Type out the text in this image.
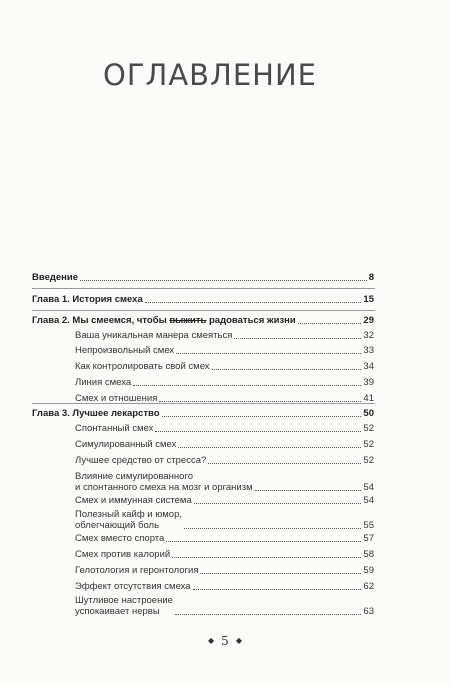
ОГЛАВЛЕНИЕ
Введение	8
Глава 1. История смеха	15
Глава 2. Мы смеемся, чтобы выжить радоваться жизни	29
Ваша уникальная манера смеяться	32
Непроизвольный смех	33
Как контролировать свой смех	34
Линия смеха	39
Смех и отношения	41
Глава 3. Лучшее лекарство	50
Спонтанный смех	52
Симулированный смех	52
Лучшее средство от стресса?	52
Влияние симулированного
и спонтанного смеха на мозг и организм	54
Смех и иммунная система	54
Полезный кайф и юмор,
облегчающий боль	55
Смех вместо спорта	57
Смех против калорий	58
Гелотология и геронтология	59
Эффект отсутствия смеха	62
Шутливое настроение
успокаивает нервы	63
◆ 5 ◆
